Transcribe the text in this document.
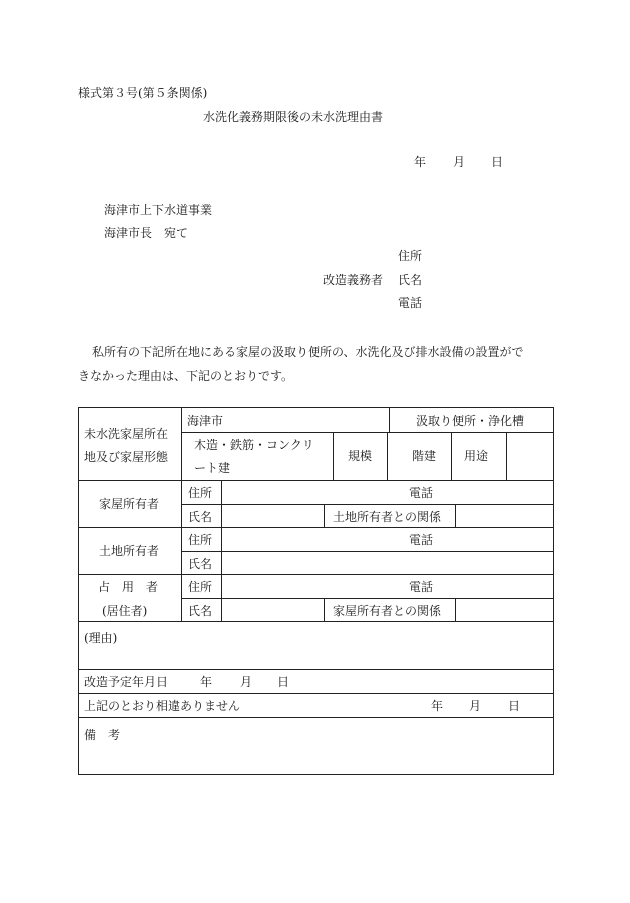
様式第３号(第５条関係)
水洗化義務期限後の未水洗理由書
年 月 日
海津市上下水道事業
海津市長　宛て
住所
改造義務者 氏名
電話
私所有の下記所在地にある家屋の汲取り便所の、水洗化及び排水設備の設置がで
きなかった理由は、下記のとおりです。
未水洗家屋所在
地及び家屋形態
海津市	汲取り便所・浄化槽
木造・鉄筋・コンクリ
ート建
規模	階建 用途
家屋所有者
住所	電話
氏名	土地所有者との関係
土地所有者
住所	電話
氏名
占　用　者
(居住者)
住所	電話
氏名	家屋所有者との関係
(理由)
改造予定年月日	年 月 日
上記のとおり相違ありません	年 月 日
備　考
